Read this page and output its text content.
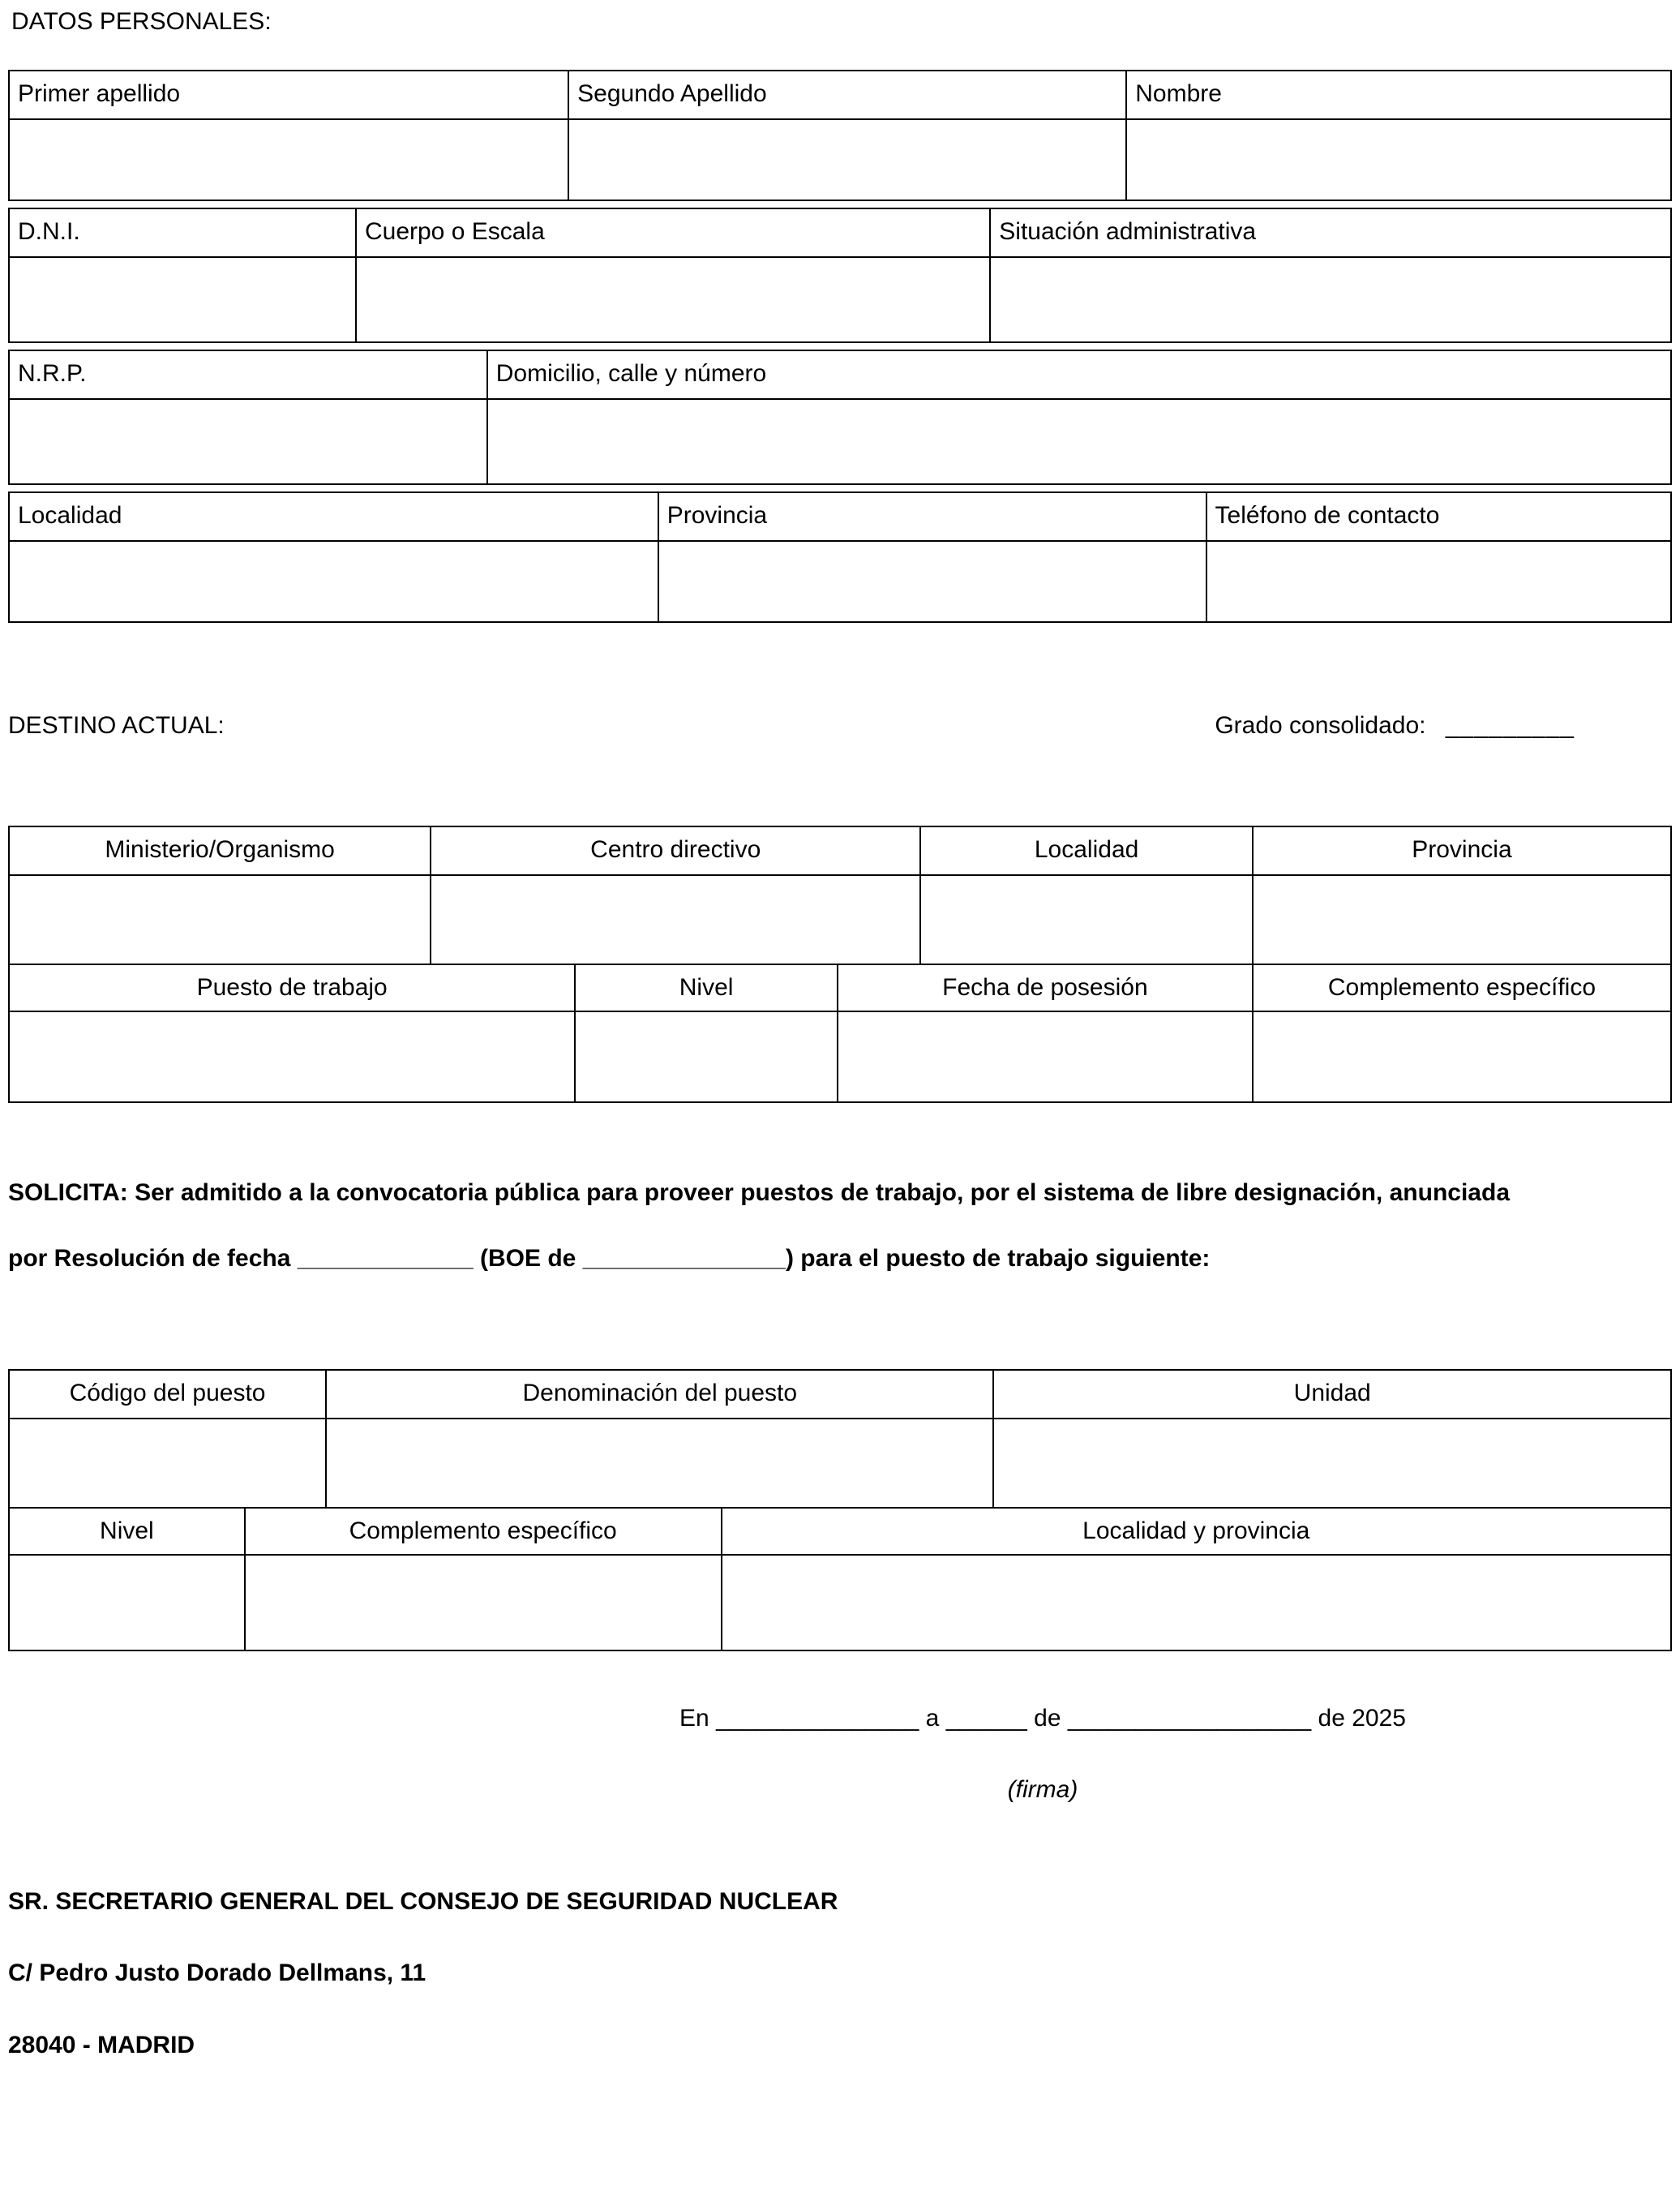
DATOS PERSONALES:
Primer apellido	Segundo Apellido	Nombre
D.N.I.	Cuerpo o Escala	Situación administrativa
N.R.P.	Domicilio, calle y número
Localidad	Provincia	Teléfono de contacto
DESTINO ACTUAL:	Grado consolidado: _________
Ministerio/Organismo	Centro directivo	Localidad	Provincia
Puesto de trabajo	Nivel	Fecha de posesión	Complemento específico

SOLICITA: Ser admitido a la convocatoria pública para proveer puestos de trabajo, por el sistema de libre designación, anunciada por Resolución de fecha _____________ (BOE de _______________) para el puesto de trabajo siguiente:

Código del puesto	Denominación del puesto	Unidad
Nivel	Complemento específico	Localidad y provincia
En _______________ a ______ de __________________ de 2025
(firma)
SR. SECRETARIO GENERAL DEL CONSEJO DE SEGURIDAD NUCLEAR
C/ Pedro Justo Dorado Dellmans, 11
28040 - MADRID
